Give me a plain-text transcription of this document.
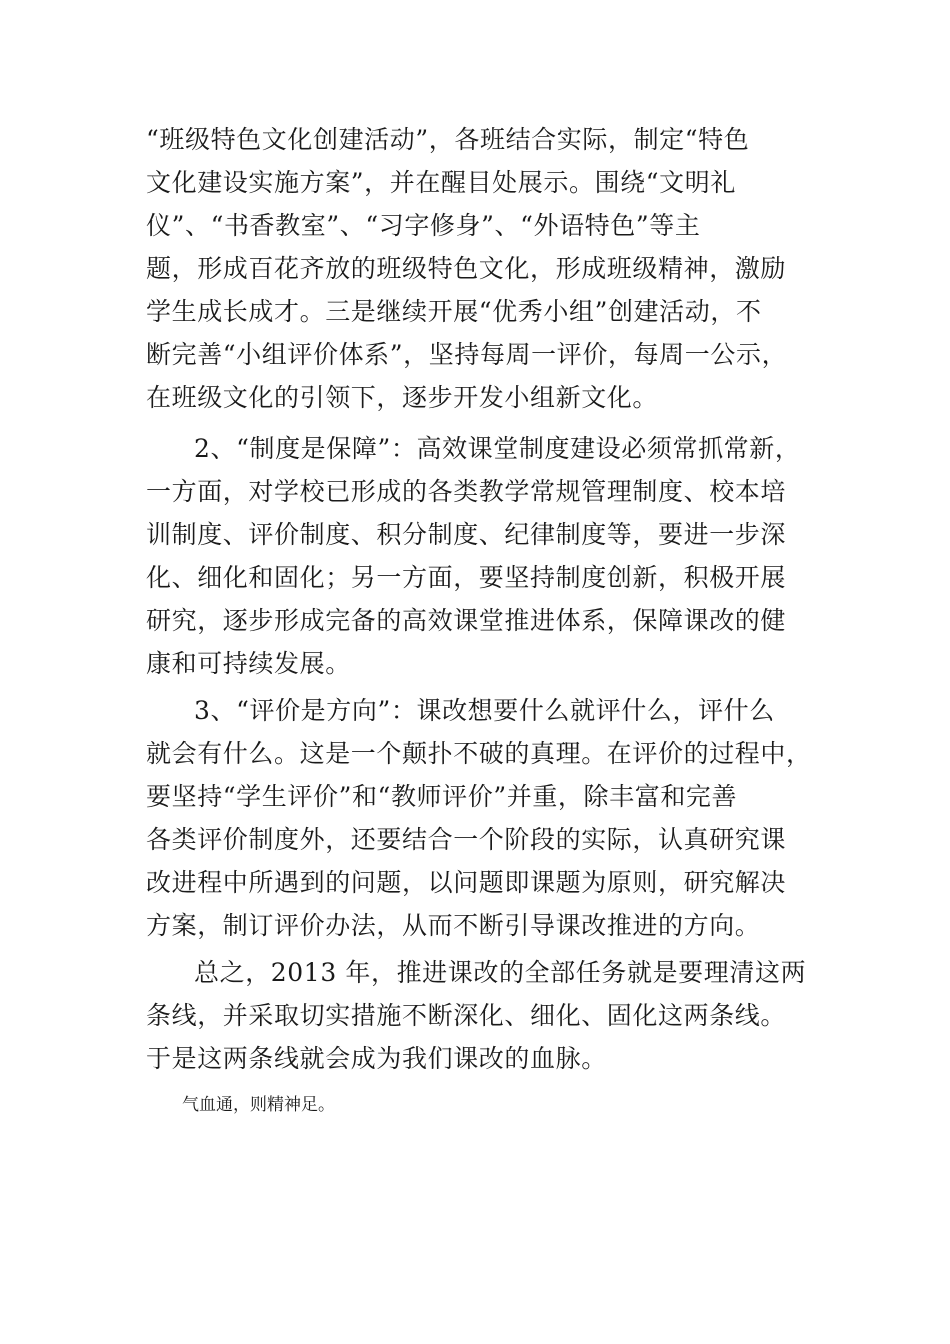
“班级特色文化创建活动”，各班结合实际，制定“特色
文化建设实施方案”，并在醒目处展示。围绕“文明礼
仪”、“书香教室”、“习字修身”、“外语特色”等主
题，形成百花齐放的班级特色文化，形成班级精神，激励
学生成长成才。三是继续开展“优秀小组”创建活动，不
断完善“小组评价体系”，坚持每周一评价，每周一公示，
在班级文化的引领下，逐步开发小组新文化。
2、“制度是保障”：高效课堂制度建设必须常抓常新，
一方面，对学校已形成的各类教学常规管理制度、校本培
训制度、评价制度、积分制度、纪律制度等，要进一步深
化、细化和固化；另一方面，要坚持制度创新，积极开展
研究，逐步形成完备的高效课堂推进体系，保障课改的健
康和可持续发展。
3、“评价是方向”：课改想要什么就评什么，评什么
就会有什么。这是一个颠扑不破的真理。在评价的过程中，
要坚持“学生评价”和“教师评价”并重，除丰富和完善
各类评价制度外，还要结合一个阶段的实际，认真研究课
改进程中所遇到的问题，以问题即课题为原则，研究解决
方案，制订评价办法，从而不断引导课改推进的方向。
总之，2013 年，推进课改的全部任务就是要理清这两
条线，并采取切实措施不断深化、细化、固化这两条线。
于是这两条线就会成为我们课改的血脉。
气血通，则精神足。
